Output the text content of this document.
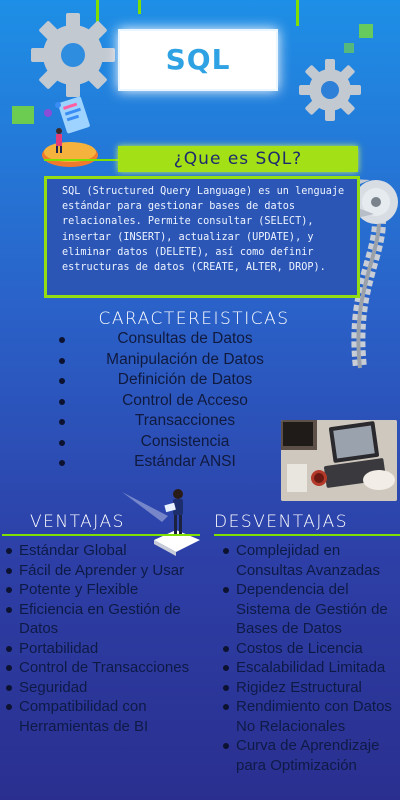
SQL
¿Que es SQL?
SQL (Structured Query Language) es un lenguaje estándar para gestionar bases de datos relacionales. Permite consultar (SELECT), insertar (INSERT), actualizar (UPDATE), y eliminar datos (DELETE), así como definir estructuras de datos (CREATE, ALTER, DROP).
CARACTEREISTICAS
Consultas de Datos
Manipulación de Datos
Definición de Datos
Control de Acceso
Transacciones
Consistencia
Estándar ANSI
VENTAJAS
Estándar Global
Fácil de Aprender y Usar
Potente y Flexible
Eficiencia en Gestión de Datos
Portabilidad
Control de Transacciones
Seguridad
Compatibilidad con Herramientas de BI
DESVENTAJAS
Complejidad en Consultas Avanzadas
Dependencia del Sistema de Gestión de Bases de Datos
Costos de Licencia
Escalabilidad Limitada
Rigidez Estructural
Rendimiento con Datos No Relacionales
Curva de Aprendizaje para Optimización
